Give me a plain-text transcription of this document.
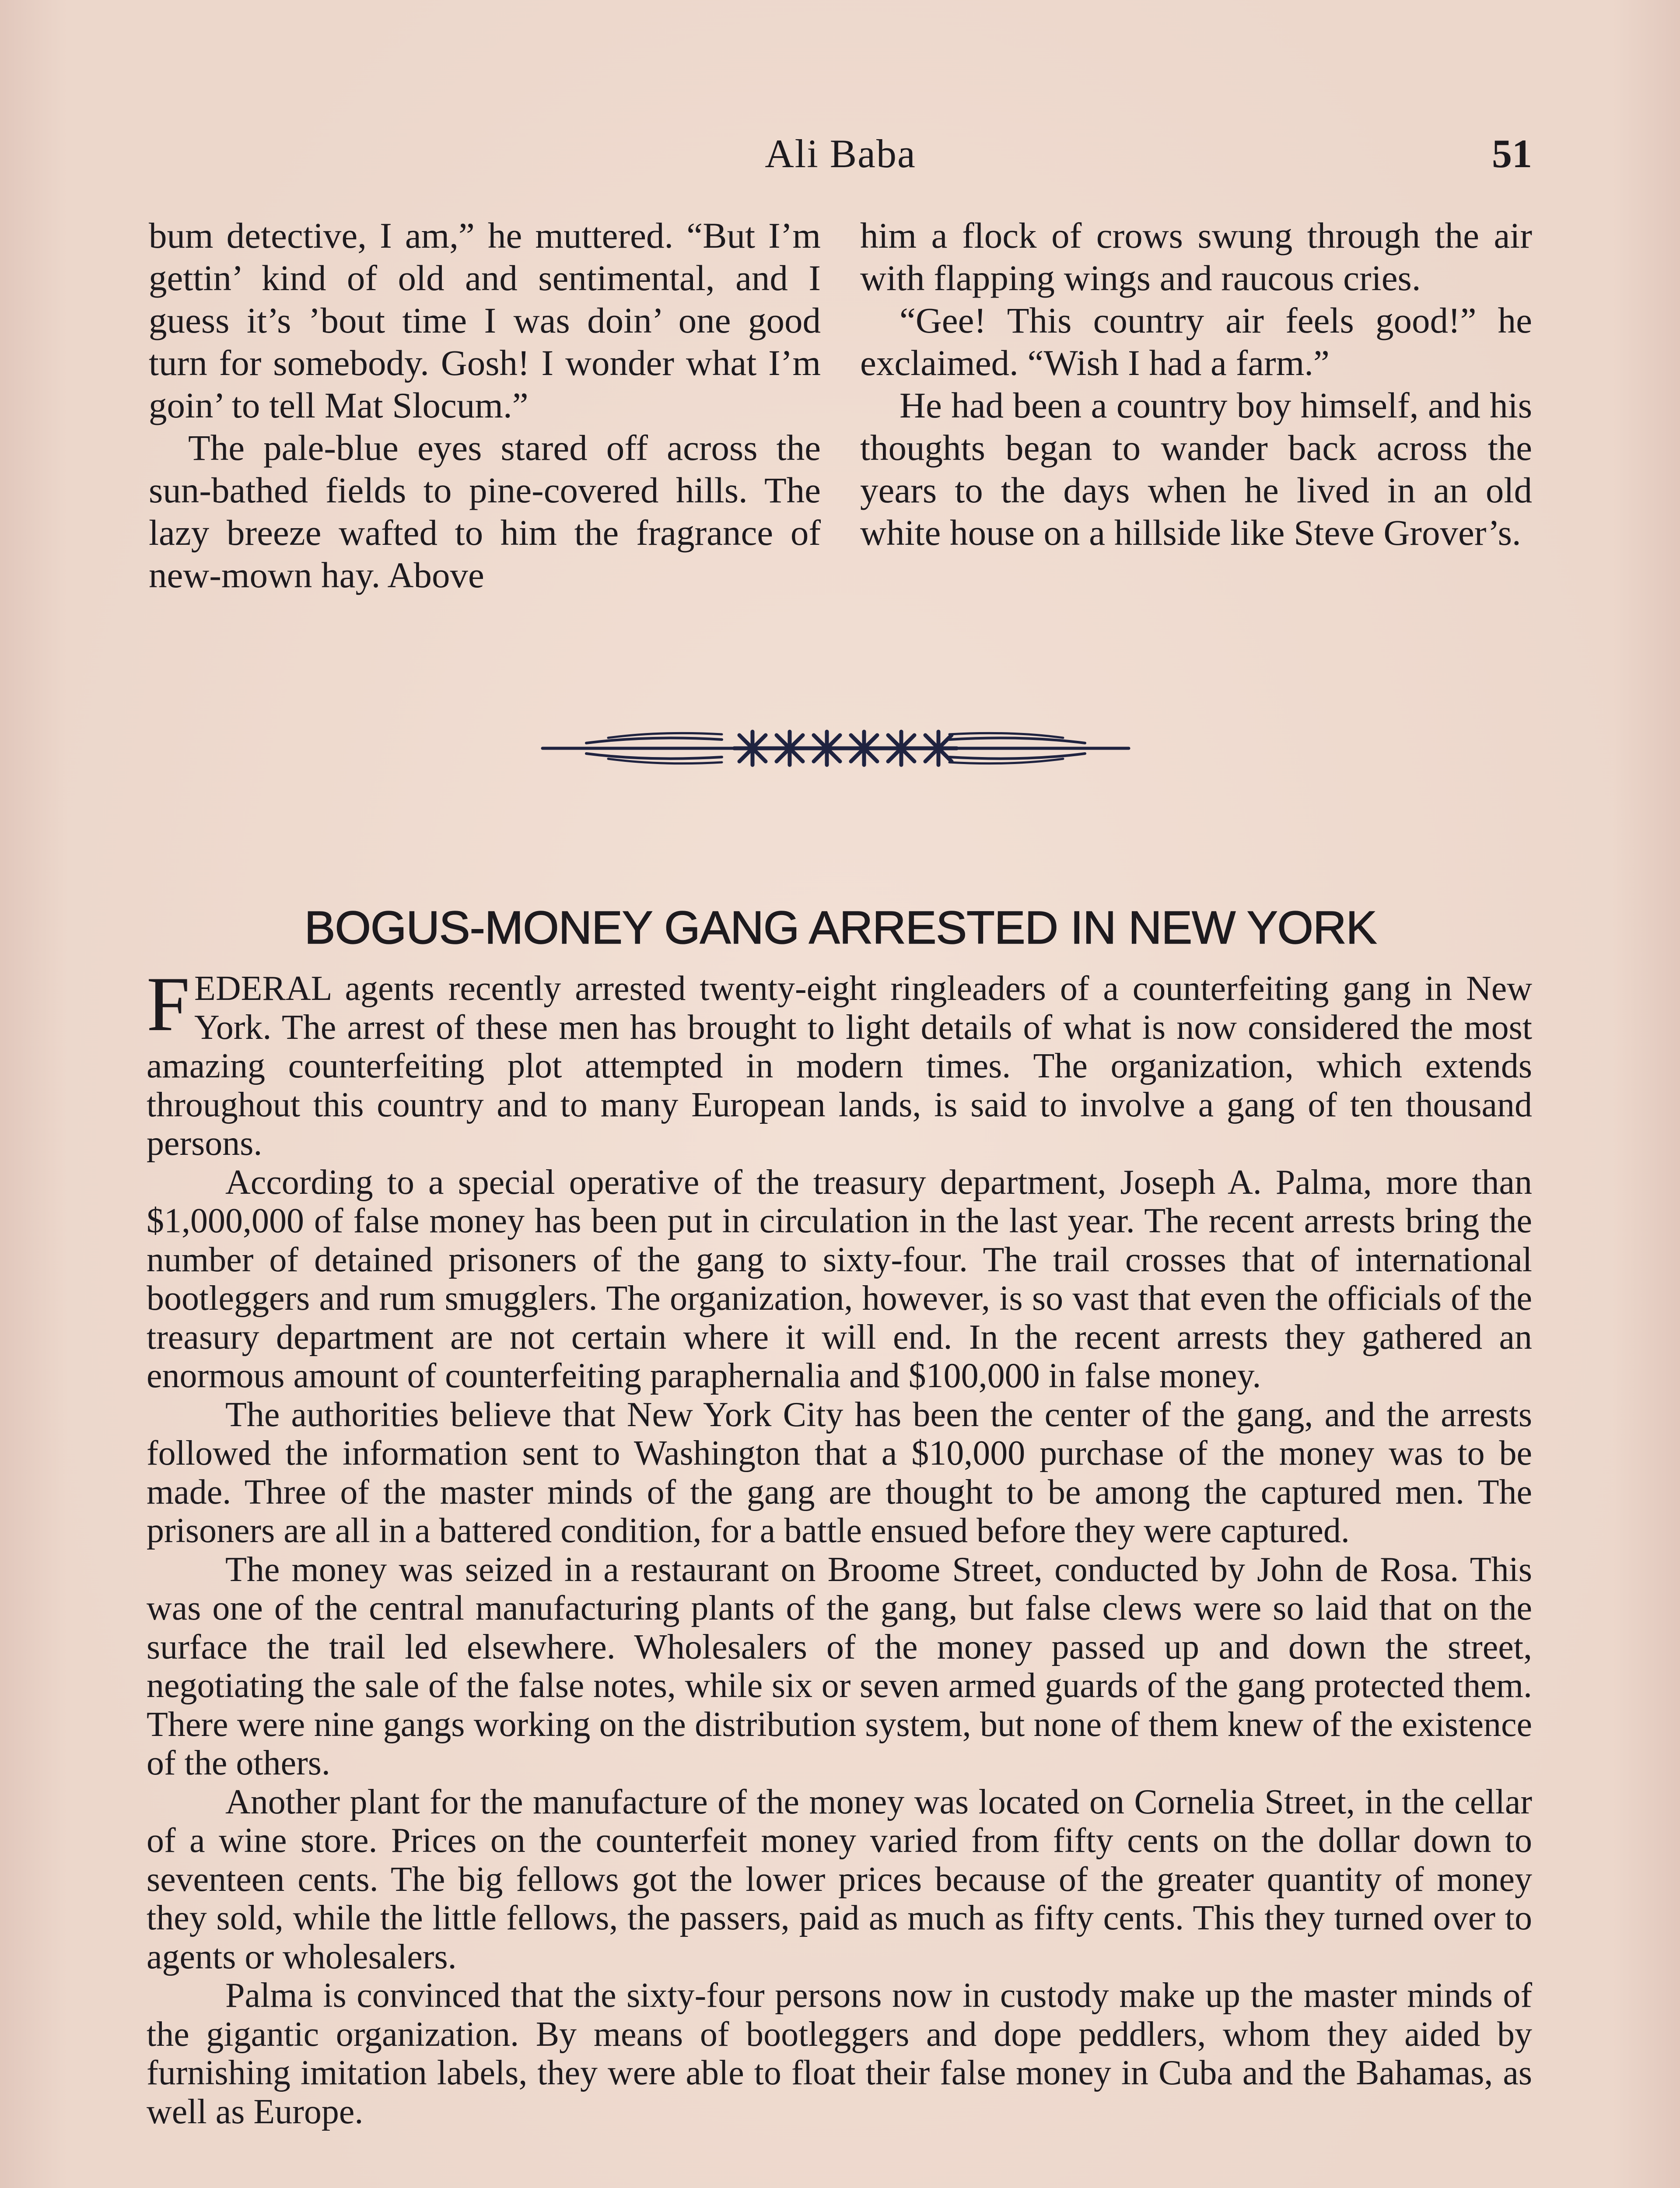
Ali Baba	51

bum detective, I am,” he muttered. “But I’m gettin’ kind of old and sentimental, and I guess it’s ’bout time I was doin’ one good turn for somebody. Gosh! I wonder what I’m goin’ to tell Mat Slocum.”

The pale-blue eyes stared off across the sun-bathed fields to pine-covered hills. The lazy breeze wafted to him the fragrance of new-mown hay. Above

him a flock of crows swung through the air with flapping wings and raucous cries.

“Gee! This country air feels good!” he exclaimed. “Wish I had a farm.”

He had been a country boy himself, and his thoughts began to wander back across the years to the days when he lived in an old white house on a hillside like Steve Grover’s.

BOGUS-MONEY GANG ARRESTED IN NEW YORK

FEDERAL agents recently arrested twenty-eight ringleaders of a counterfeiting gang in New York. The arrest of these men has brought to light details of what is now considered the most amazing counterfeiting plot attempted in modern times. The organization, which extends throughout this country and to many European lands, is said to involve a gang of ten thousand persons.

According to a special operative of the treasury department, Joseph A. Palma, more than $1,000,000 of false money has been put in circulation in the last year. The recent arrests bring the number of detained prisoners of the gang to sixty-four. The trail crosses that of international bootleggers and rum smugglers. The organization, however, is so vast that even the officials of the treasury department are not certain where it will end. In the recent arrests they gathered an enormous amount of counterfeiting paraphernalia and $100,000 in false money.

The authorities believe that New York City has been the center of the gang, and the arrests followed the information sent to Washington that a $10,000 purchase of the money was to be made. Three of the master minds of the gang are thought to be among the captured men. The prisoners are all in a battered condition, for a battle ensued before they were captured.

The money was seized in a restaurant on Broome Street, conducted by John de Rosa. This was one of the central manufacturing plants of the gang, but false clews were so laid that on the surface the trail led elsewhere. Wholesalers of the money passed up and down the street, negotiating the sale of the false notes, while six or seven armed guards of the gang protected them. There were nine gangs working on the distribution system, but none of them knew of the existence of the others.

Another plant for the manufacture of the money was located on Cornelia Street, in the cellar of a wine store. Prices on the counterfeit money varied from fifty cents on the dollar down to seventeen cents. The big fellows got the lower prices because of the greater quantity of money they sold, while the little fellows, the passers, paid as much as fifty cents. This they turned over to agents or wholesalers.

Palma is convinced that the sixty-four persons now in custody make up the master minds of the gigantic organization. By means of bootleggers and dope peddlers, whom they aided by furnishing imitation labels, they were able to float their false money in Cuba and the Bahamas, as well as Europe.
